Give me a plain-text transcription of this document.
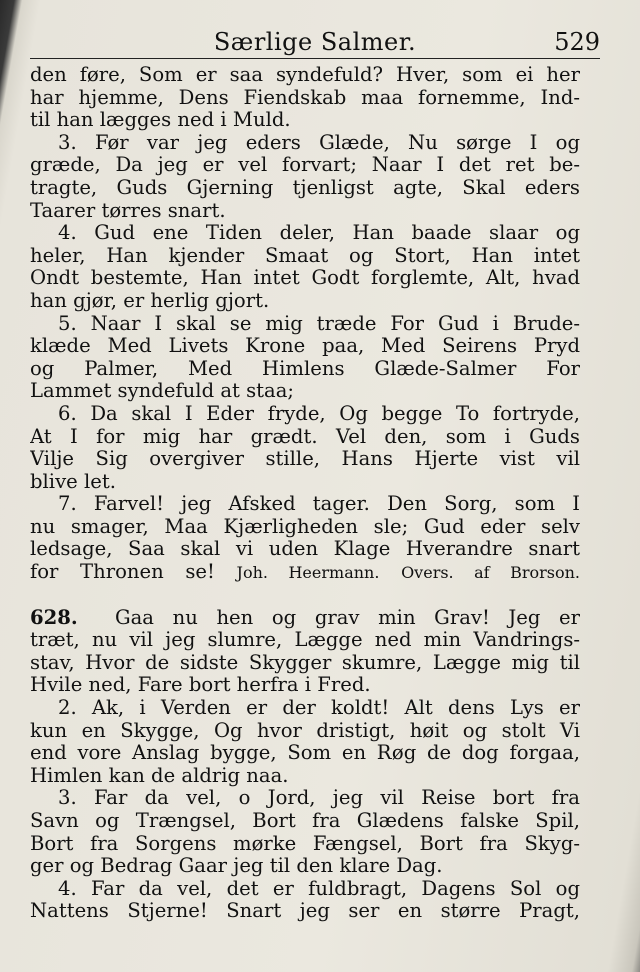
Særlige Salmer.	529
den føre, Som er saa syndefuld? Hver, som ei her
har hjemme, Dens Fiendskab maa fornemme, Ind-
til han lægges ned i Muld.
3. Før var jeg eders Glæde, Nu sørge I og
græde, Da jeg er vel forvart; Naar I det ret be-
tragte, Guds Gjerning tjenligst agte, Skal eders
Taarer tørres snart.
4. Gud ene Tiden deler, Han baade slaar og
heler, Han kjender Smaat og Stort, Han intet
Ondt bestemte, Han intet Godt forglemte, Alt, hvad
han gjør, er herlig gjort.
5. Naar I skal se mig træde For Gud i Brude-
klæde Med Livets Krone paa, Med Seirens Pryd
og Palmer, Med Himlens Glæde-Salmer For
Lammet syndefuld at staa;
6. Da skal I Eder fryde, Og begge To fortryde,
At I for mig har grædt. Vel den, som i Guds
Vilje Sig overgiver stille, Hans Hjerte vist vil
blive let.
7. Farvel! jeg Afsked tager. Den Sorg, som I
nu smager, Maa Kjærligheden sle; Gud eder selv
ledsage, Saa skal vi uden Klage Hverandre snart
for Thronen se! Joh. Heermann. Overs. af Brorson.
628. Gaa nu hen og grav min Grav! Jeg er
træt, nu vil jeg slumre, Lægge ned min Vandrings-
stav, Hvor de sidste Skygger skumre, Lægge mig til
Hvile ned, Fare bort herfra i Fred.
2. Ak, i Verden er der koldt! Alt dens Lys er
kun en Skygge, Og hvor dristigt, høit og stolt Vi
end vore Anslag bygge, Som en Røg de dog forgaa,
Himlen kan de aldrig naa.
3. Far da vel, o Jord, jeg vil Reise bort fra
Savn og Trængsel, Bort fra Glædens falske Spil,
Bort fra Sorgens mørke Fængsel, Bort fra Skyg-
ger og Bedrag Gaar jeg til den klare Dag.
4. Far da vel, det er fuldbragt, Dagens Sol og
Nattens Stjerne! Snart jeg ser en større Pragt,
